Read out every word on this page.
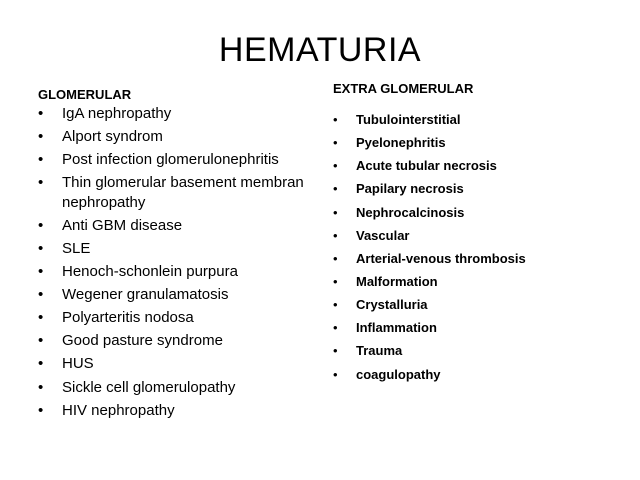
HEMATURIA
GLOMERULAR
• IgA nephropathy
• Alport syndrom
• Post infection glomerulonephritis
• Thin glomerular basement membran nephropathy
• Anti GBM disease
• SLE
• Henoch-schonlein purpura
• Wegener granulamatosis
• Polyarteritis nodosa
• Good pasture syndrome
• HUS
• Sickle cell glomerulopathy
• HIV nephropathy
EXTRA GLOMERULAR
• Tubulointerstitial
• Pyelonephritis
• Acute tubular necrosis
• Papilary necrosis
• Nephrocalcinosis
• Vascular
• Arterial-venous thrombosis
• Malformation
• Crystalluria
• Inflammation
• Trauma
• coagulopathy
